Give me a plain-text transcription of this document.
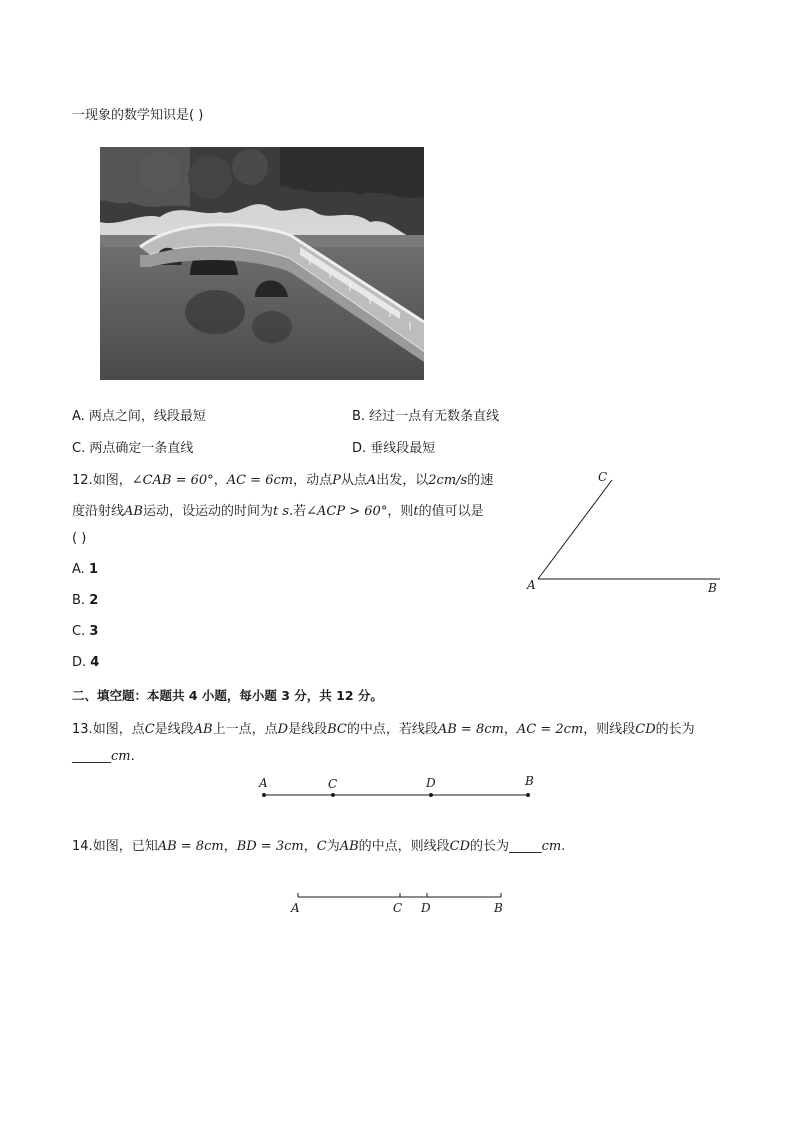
一现象的数学知识是( )
A. 两点之间，线段最短	B. 经过一点有无数条直线
C. 两点确定一条直线	D. 垂线段最短
12.如图，∠CAB = 60°，AC = 6cm，动点P从点A出发，以2cm/s的速
度沿射线AB运动，设运动的时间为t s.若∠ACP > 60°，则t的值可以是
( )
A. 1
B. 2
C. 3
D. 4
C
A	B
二、填空题：本题共 4 小题，每小题 3 分，共 12 分。
13.如图，点C是线段AB上一点，点D是线段BC的中点，若线段AB = 8cm，AC = 2cm，则线段CD的长为
______cm.
A	C	D	B
14.如图，已知AB = 8cm，BD = 3cm，C为AB的中点，则线段CD的长为_____cm.
A	C D	B
